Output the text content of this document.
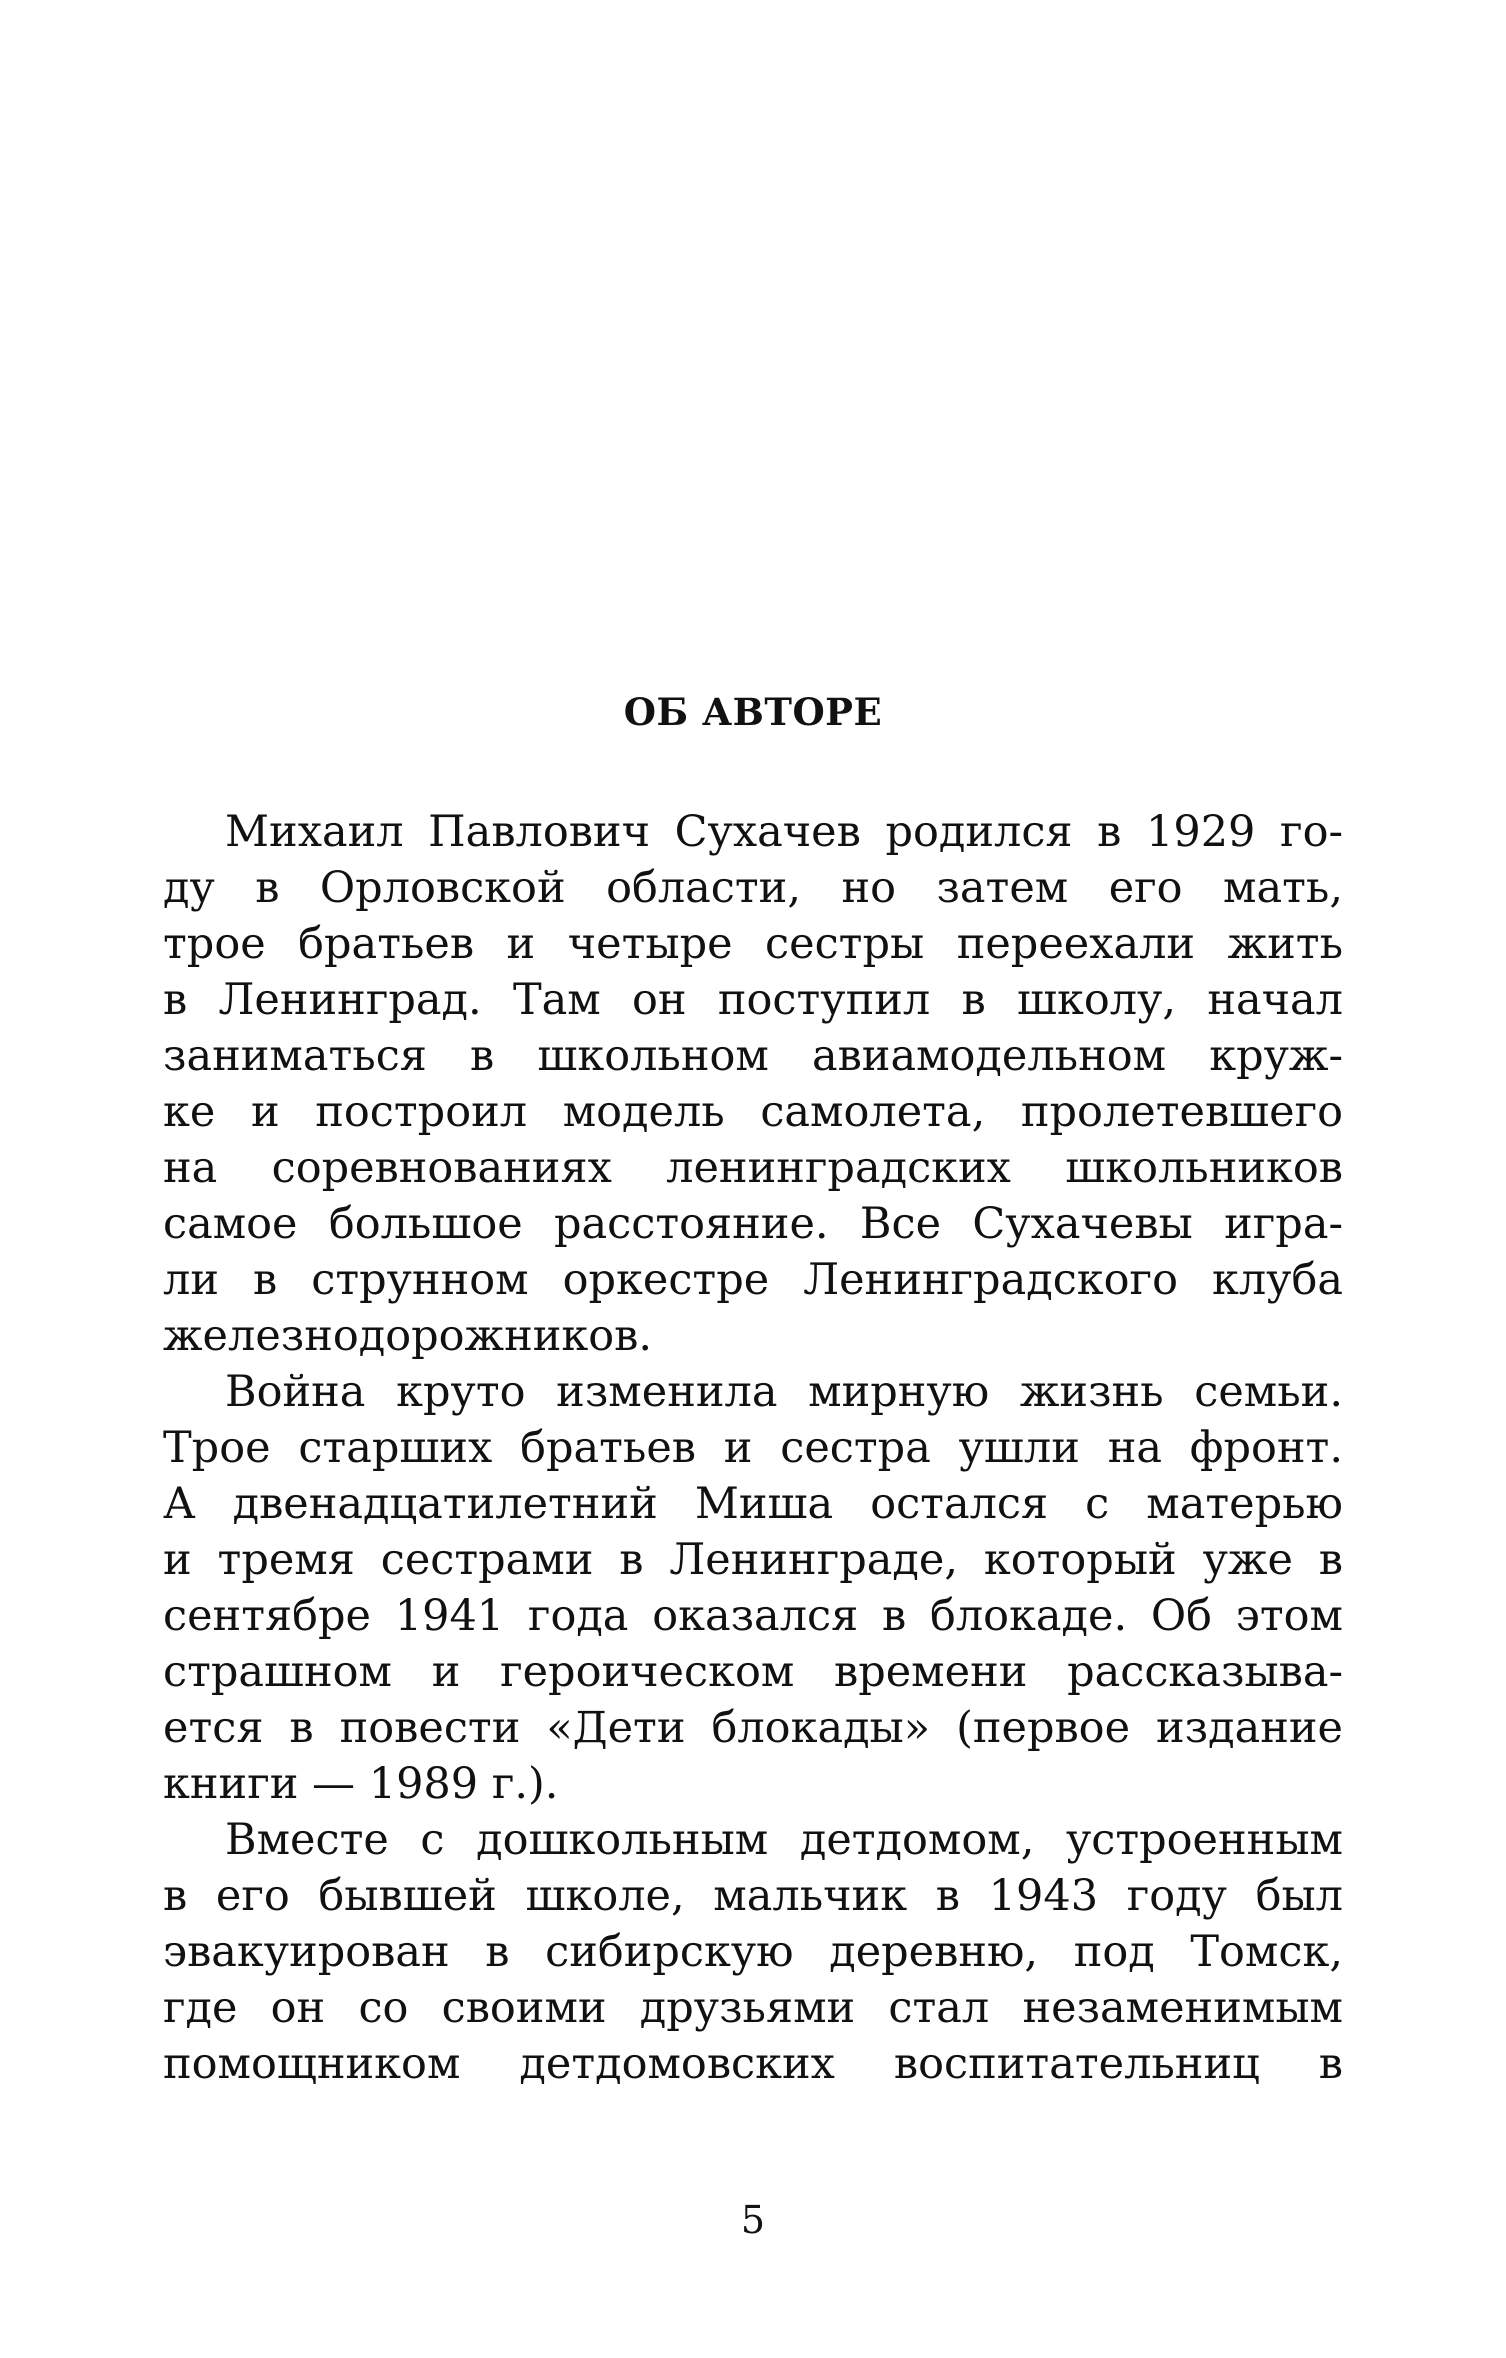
ОБ АВТОРЕ
Михаил Павлович Сухачев родился в 1929 го-
ду в Орловской области, но затем его мать,
трое братьев и четыре сестры переехали жить
в Ленинград. Там он поступил в школу, начал
заниматься в школьном авиамодельном круж-
ке и построил модель самолета, пролетевшего
на соревнованиях ленинградских школьников
самое большое расстояние. Все Сухачевы игра-
ли в струнном оркестре Ленинградского клуба
железнодорожников.
Война круто изменила мирную жизнь семьи.
Трое старших братьев и сестра ушли на фронт.
А двенадцатилетний Миша остался с матерью
и тремя сестрами в Ленинграде, который уже в
сентябре 1941 года оказался в блокаде. Об этом
страшном и героическом времени рассказыва-
ется в повести «Дети блокады» (первое издание
книги — 1989 г.).
Вместе с дошкольным детдомом, устроенным
в его бывшей школе, мальчик в 1943 году был
эвакуирован в сибирскую деревню, под Томск,
где он со своими друзьями стал незаменимым
помощником детдомовских воспитательниц в

5
